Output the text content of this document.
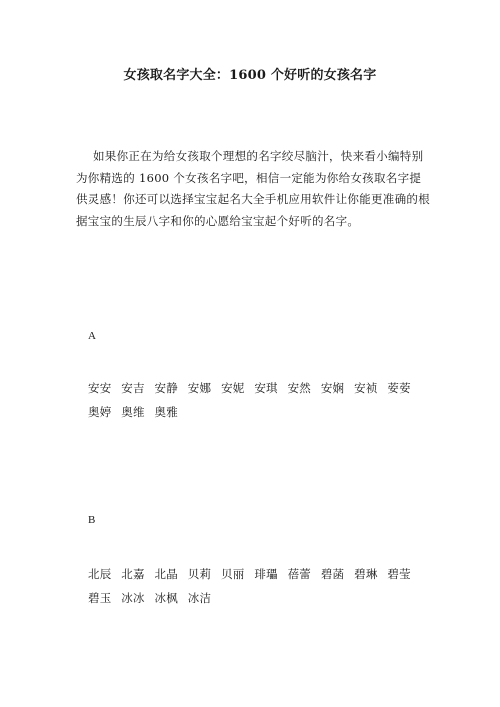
女孩取名字大全：1600 个好听的女孩名字

如果你正在为给女孩取个理想的名字绞尽脑汁，快来看小编特别为你精选的 1600 个女孩名字吧，相信一定能为你给女孩取名字提供灵感！你还可以选择宝宝起名大全手机应用软件让你能更准确的根据宝宝的生辰八字和你的心愿给宝宝起个好听的名字。

A

安安 安吉 安静 安娜 安妮 安琪 安然 安娴 安祯 荌荌 奥婷 奥维 奥雅

B

北辰 北嘉 北晶 贝莉 贝丽 琲瓃 蓓蕾 碧菡 碧琳 碧莹 碧玉 冰冰 冰枫 冰洁
